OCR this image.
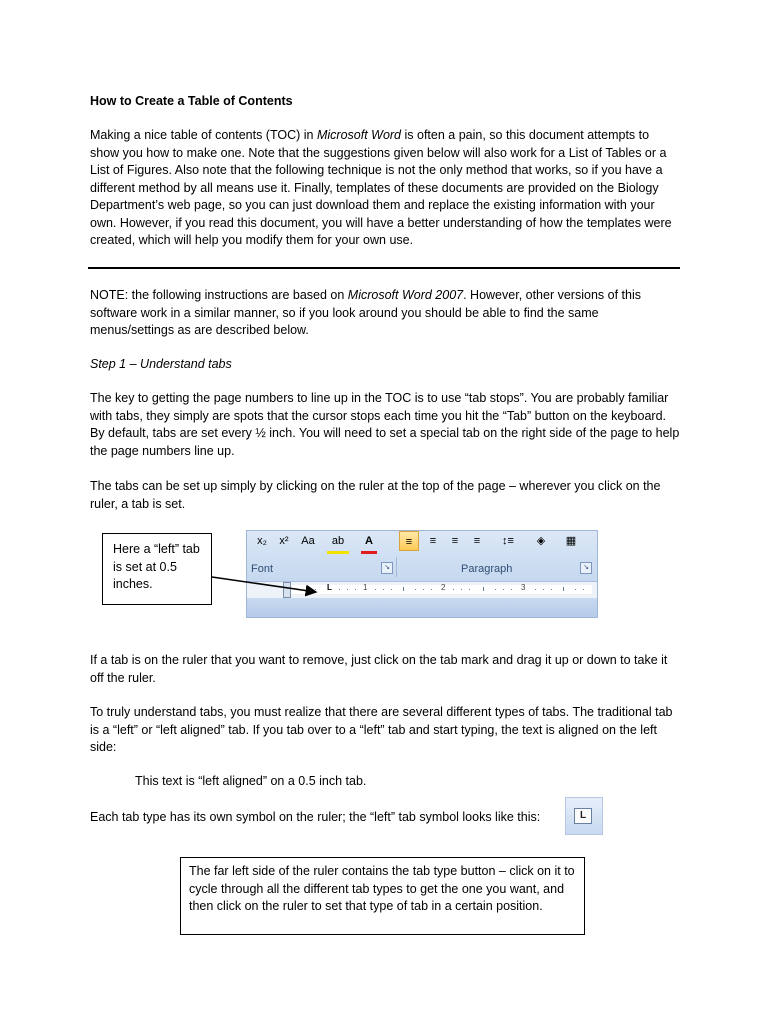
How to Create a Table of Contents
Making a nice table of contents (TOC) in Microsoft Word is often a pain, so this document attempts to show you how to make one. Note that the suggestions given below will also work for a List of Tables or a List of Figures. Also note that the following technique is not the only method that works, so if you have a different method by all means use it. Finally, templates of these documents are provided on the Biology Department’s web page, so you can just download them and replace the existing information with your own. However, if you read this document, you will have a better understanding of how the templates were created, which will help you modify them for your own use.
NOTE: the following instructions are based on Microsoft Word 2007. However, other versions of this software work in a similar manner, so if you look around you should be able to find the same menus/settings as are described below.
Step 1 – Understand tabs
The key to getting the page numbers to line up in the TOC is to use “tab stops”. You are probably familiar with tabs, they simply are spots that the cursor stops each time you hit the “Tab” button on the keyboard. By default, tabs are set every ½ inch. You will need to set a special tab on the right side of the page to help the page numbers line up.
The tabs can be set up simply by clicking on the ruler at the top of the page – wherever you click on the ruler, a tab is set.
Here a “left” tab is set at 0.5 inches.
x₂	x²	Aa	ab	A	≡	≡	≡	≡	↕≡	◈	▦
Font	↘	Paragraph	↘
L	1	2	3
If a tab is on the ruler that you want to remove, just click on the tab mark and drag it up or down to take it off the ruler.
To truly understand tabs, you must realize that there are several different types of tabs. The traditional tab is a “left” or “left aligned” tab. If you tab over to a “left” tab and start typing, the text is aligned on the left side:
This text is “left aligned” on a 0.5 inch tab.
Each tab type has its own symbol on the ruler; the “left” tab symbol looks like this:	L
The far left side of the ruler contains the tab type button – click on it to cycle through all the different tab types to get the one you want, and then click on the ruler to set that type of tab in a certain position.
